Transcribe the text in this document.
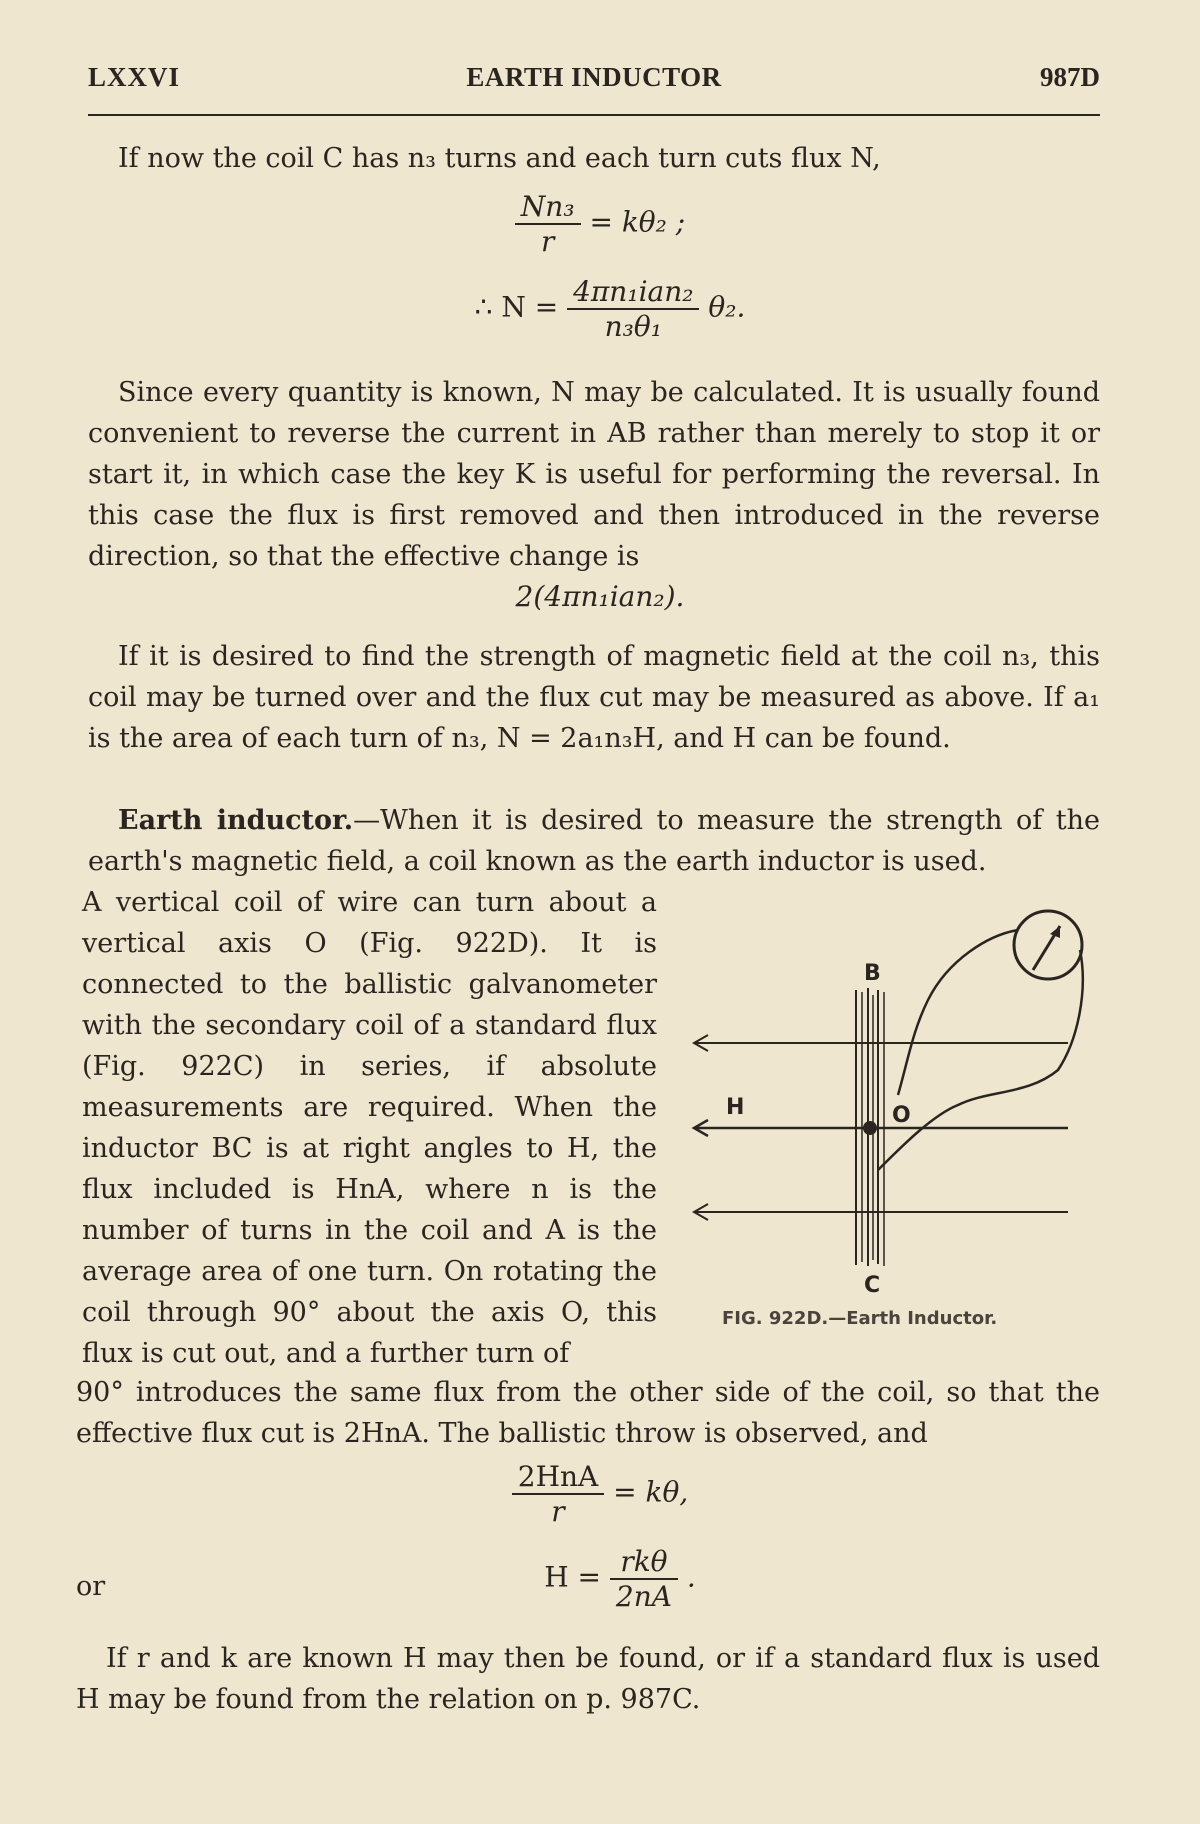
LXXVI	EARTH INDUCTOR	987D
If now the coil C has n₃ turns and each turn cuts flux N,
$\frac{\text{Nn₃}}{r} = k\theta_2$ ;
∴ $N = \frac{\text{4πn₁ian₂}}{\text{n₃θ₁}} \theta_2$.
Since every quantity is known, N may be calculated. It is usually found convenient to reverse the current in AB rather than merely to stop it or start it, in which case the key K is useful for performing the reversal. In this case the flux is first removed and then introduced in the reverse direction, so that the effective change is
2(4πn₁ian₂).
If it is desired to find the strength of magnetic field at the coil n₃, this coil may be turned over and the flux cut may be measured as above. If a₁ is the area of each turn of n₃, N = 2a₁n₃H, and H can be found.
Earth inductor.—When it is desired to measure the strength of the earth's magnetic field, a coil known as the earth inductor is used.
A vertical coil of wire can turn about a vertical axis O (Fig. 922D). It is connected to the ballistic galvanometer with the secondary coil of a standard flux (Fig. 922C) in series, if absolute measurements are required. When the inductor BC is at right angles to H, the flux included is HnA, where n is the number of turns in the coil and A is the average area of one turn. On rotating the coil through 90° about the axis O, this flux is cut out, and a further turn of
B
C
H	O
FIG. 922D.—Earth Inductor.
90° introduces the same flux from the other side of the coil, so that the effective flux cut is 2HnA. The ballistic throw is observed, and
$\frac{\text{2HnA}}{r} = k\theta$,
or	$H = \frac{\text{rkθ}}{2nA}$ .
If r and k are known H may then be found, or if a standard flux is used H may be found from the relation on p. 987C.
